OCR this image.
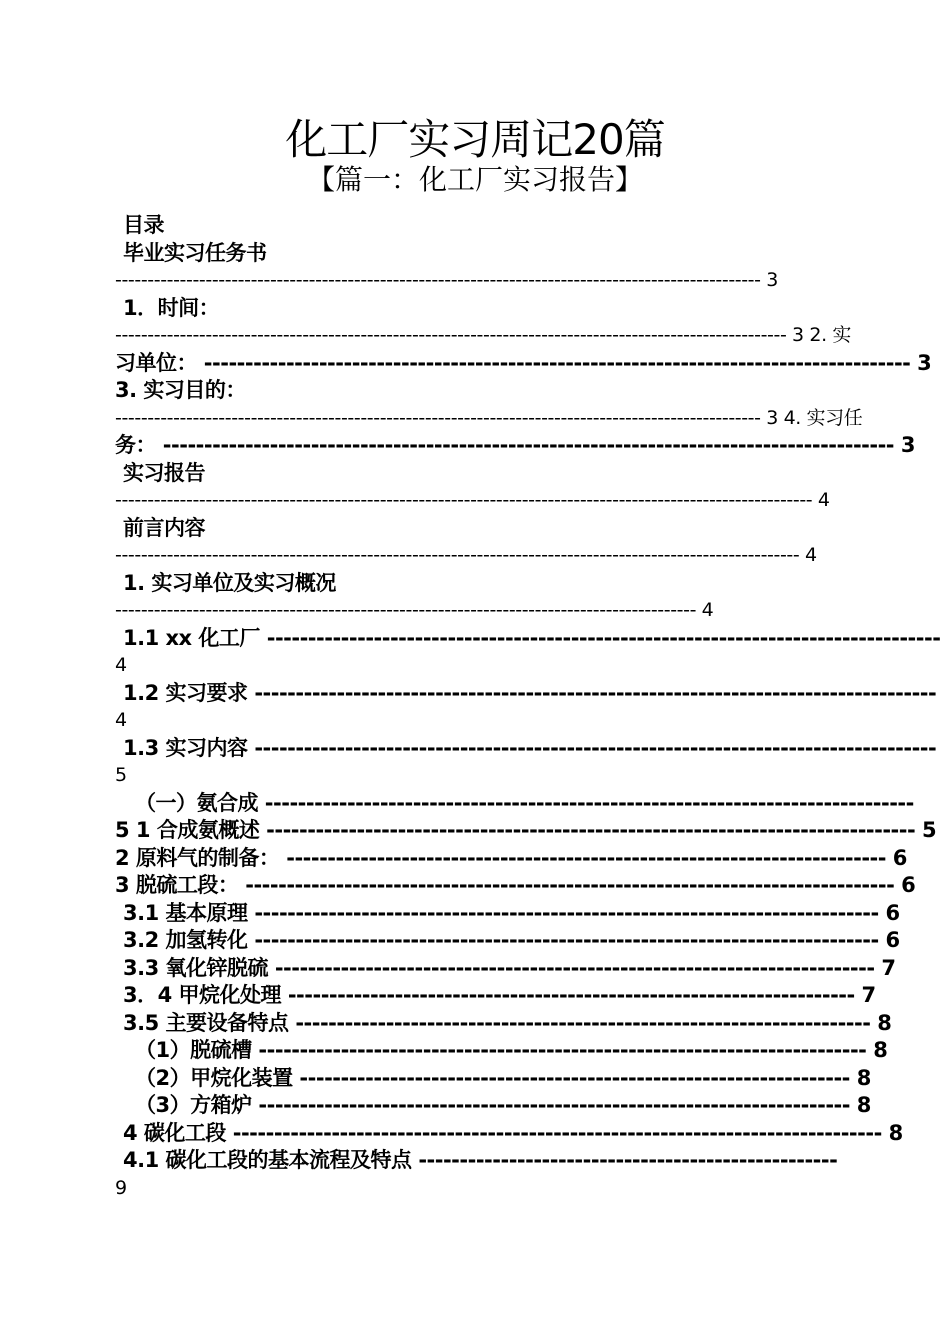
化工厂实习周记20篇
【篇一：化工厂实习报告】
目录
毕业实习任务书
---------------------------------------------------------------------------------------------------- 3
1．时间：
-------------------------------------------------------------------------------------------------------- 3 2. 实
习单位： -------------------------------------------------------------------------------------- 3
3. 实习目的：
---------------------------------------------------------------------------------------------------- 3 4. 实习任
务： ----------------------------------------------------------------------------------------- 3
实习报告
------------------------------------------------------------------------------------------------------------ 4
前言内容
---------------------------------------------------------------------------------------------------------- 4
1. 实习单位及实习概况
------------------------------------------------------------------------------------------ 4
1.1 xx 化工厂 ----------------------------------------------------------------------------------
4
1.2 实习要求 -----------------------------------------------------------------------------------
4
1.3 实习内容 -----------------------------------------------------------------------------------
5
（一）氨合成 -------------------------------------------------------------------------------
5 1 合成氨概述 ------------------------------------------------------------------------------- 5
2 原料气的制备： ------------------------------------------------------------------------- 6
3 脱硫工段： ------------------------------------------------------------------------------- 6
3.1 基本原理 ---------------------------------------------------------------------------- 6
3.2 加氢转化 ---------------------------------------------------------------------------- 6
3.3 氧化锌脱硫 ------------------------------------------------------------------------- 7
3．4 甲烷化处理 --------------------------------------------------------------------- 7
3.5 主要设备特点 ---------------------------------------------------------------------- 8
（1）脱硫槽 -------------------------------------------------------------------------- 8
（2）甲烷化装置 ------------------------------------------------------------------- 8
（3）方箱炉 ------------------------------------------------------------------------ 8
4 碳化工段 ------------------------------------------------------------------------------- 8
4.1 碳化工段的基本流程及特点 ---------------------------------------------------
9
